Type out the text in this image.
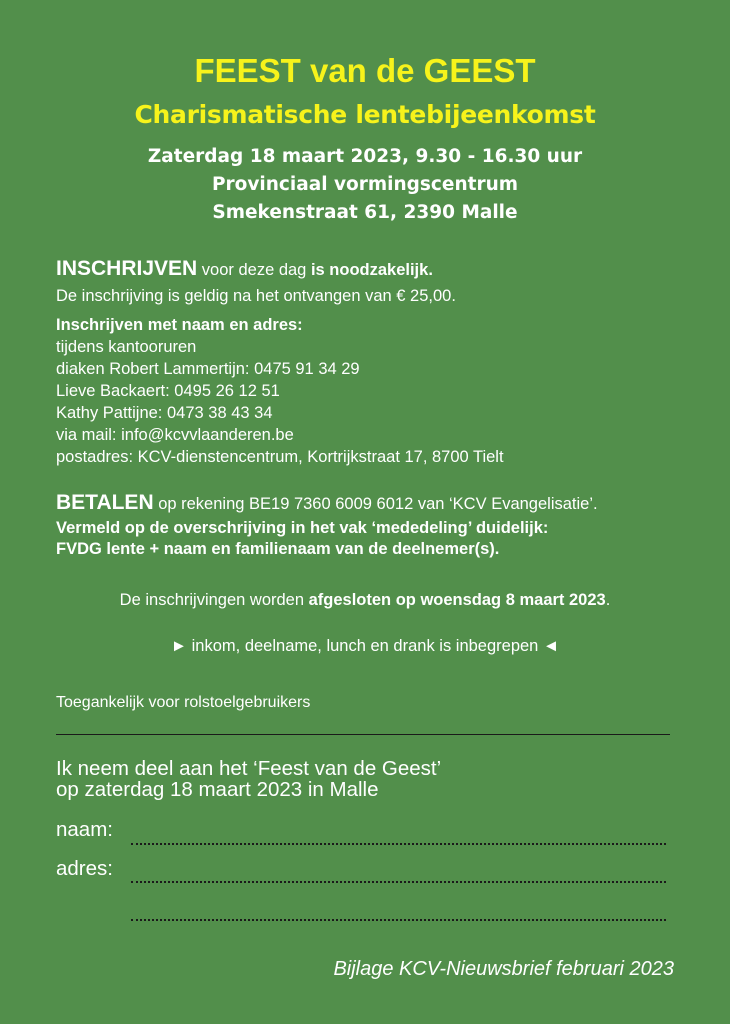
FEEST van de GEEST
Charismatische lentebijeenkomst
Zaterdag 18 maart 2023, 9.30 - 16.30 uur
Provinciaal vormingscentrum
Smekenstraat 61, 2390 Malle
INSCHRIJVEN voor deze dag is noodzakelijk.
De inschrijving is geldig na het ontvangen van € 25,00.
Inschrijven met naam en adres:
tijdens kantooruren
diaken Robert Lammertijn: 0475 91 34 29
Lieve Backaert: 0495 26 12 51
Kathy Pattijne: 0473 38 43 34
via mail: info@kcvvlaanderen.be
postadres: KCV-dienstencentrum, Kortrijkstraat 17, 8700 Tielt
BETALEN op rekening BE19 7360 6009 6012 van ‘KCV Evangelisatie’.
Vermeld op de overschrijving in het vak ‘mededeling’ duidelijk:
FVDG lente + naam en familienaam van de deelnemer(s).
De inschrijvingen worden afgesloten op woensdag 8 maart 2023.
► inkom, deelname, lunch en drank is inbegrepen ◄
Toegankelijk voor rolstoelgebruikers
Ik neem deel aan het ‘Feest van de Geest’
op zaterdag 18 maart 2023 in Malle
naam:
adres:
Bijlage KCV-Nieuwsbrief februari 2023
